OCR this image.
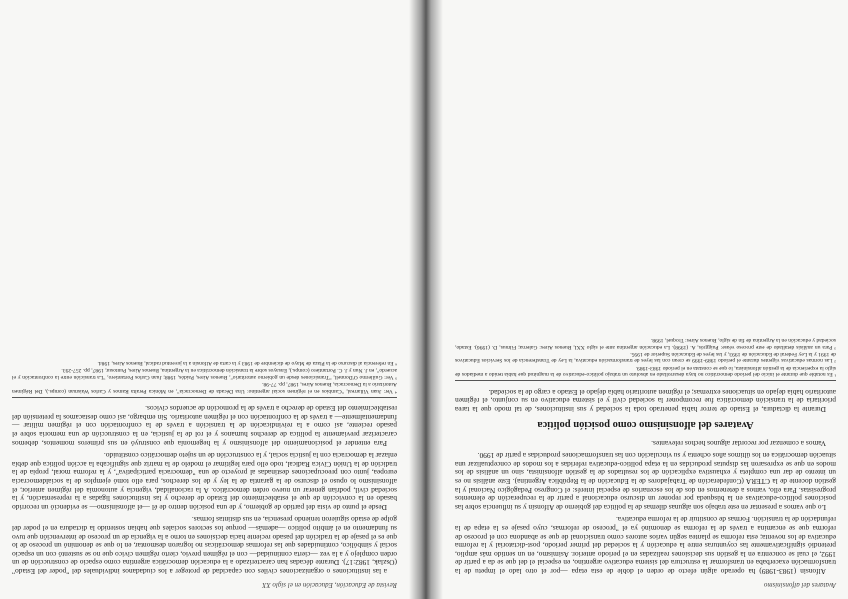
Avatares del alfonsinismo

Alfonsín (1983-1989) ha operado algún efecto de orden el doble de esta etapa —por el otro lado el ímpetu de la transformación exacerbaba en transformar la estructura del sistema educativo argentino, en especial el del que se da a partir de 1992, el cual se concentra en la gestión sus decisiones realizadas en el periodo anterior. Asimismo, en un sentido más amplio, pretendió significativamente las coyunturas entre la educación y la sociedad del primer periodo, post-dictatorial y la reforma educativa de los noventa; esta reforma se plantea según varios autores como transicional de que se abandona con el proceso de reforma que se encamina a través de la reforma se denominó ya el "proceso de reformas, cuyo pasaje es la etapa de la refundación de la transición. Formas de constituir de la reforma educativa.

Lo que vamos a presentar en este trabajo son algunas dilemas de la política del gobierno de Alfonsín y su influencia sobre las posiciones político-educativas en la búsqueda por reponer un discurso educacional a partir de la recuperación de elementos progresistas. Para ello, vamos a detenernos en dos de los escenarios de especial interés: el Congreso Pedagógico Nacional y la gestión docente de la CTERA (Confederación de Trabajadores de la Educación de la República Argentina). Este análisis no es un intento de dar una completa y exhaustiva explicación de los resultados de la gestión alfonsinista, sino un análisis de los modos en que se expresaron las disputas producidas en la etapa político-educativa referidas a los modos de conceptualizar una situación democrática en los últimos años ochenta y su vinculación con las transformaciones producidas a partir de 1990.

Vamos a comenzar por recordar algunos hechos relevantes.

Avatares del alfonsinismo como posición política

Durante la dictadura, el Estado de terror había penetrado toda la sociedad y sus instituciones, de tal modo que la tarea prioritaria de la transición democrática fue recomponer la sociedad civil y el sistema educativo en su conjunto, el régimen autoritario había dejado en situaciones extremas; el régimen autoritario había dejado el Estado a cargo de la sociedad.

¹ Es notable que durante el inicio del período democrático no haya desarrollado en absoluto un trabajo político-educativo de la magnitud que había tenido a mediados de siglo la experiencia de la gestión alfonsinista, lo que se constata en el período 1983-1989.

² Las normas educativas vigentes durante el período 1989-1999 se crean con las leyes de transformación educativa, la Ley de Transferencia de los Servicios Educativos de 1991 y la Ley Federal de Educación de 1993, y las leyes de Educación Superior de 1995.

³ Para un análisis detallado de este proceso véase: Puiggrós, A. (1998). La educación argentina ante el siglo XXI, Buenos Aires: Galerna; Filmus, D. (1996). Estado, sociedad y educación en la Argentina de fin de siglo, Buenos Aires: Troquel, 1998.

Revista de Educación, Educación en el siglo XX

a las instituciones o organizaciones civiles con capacidad de proteger a los ciudadanos individuales del "poder del Estado" (Oszlak, 1982:17). Durante décadas han caracterizado a la educación democrática argentina como espacio de construcción de un orden complejo y a la vez —cierta continuidad— con el régimen previo, cierto régimen cívico que no se sustentó con un espacio social y simbólico, continuidades que las reformas democráticas no lograron desmontar, en lo que se denominó un proceso de lo que es el pasaje de la tradición del pasado reciente hacia decisiones en torno a la vigencia de un proceso de intervención que tuvo su fundamento en el ámbito político —además— porque los sectores sociales que habían sostenido la dictadura en el poder del golpe de estado siguieron teniendo presencia, en sus distintas formas.

Desde el punto de vista del partido de gobierno, y de una posición dentro de él —el alfonsinismo— se evidenció un recorrido basado en la convicción de que el establecimiento del Estado de derecho y las instituciones ligadas a la representación, y la sociedad civil, podrían generar un nuevo orden democrático. A la racionalidad, vigencia y autonomía del régimen anterior, el alfonsinismo lo opuso el discurso de la garantía de la ley y de los derechos, para ello tomó ejemplos de la socialdemocracia europea, junto con preocupaciones destinadas al proyecto de una "democracia participativa", y la reforma moral, propia de la tradición de la Unión Cívica Radical, todo ello para legitimar el modelo de la matriz que significaba la acción política que debía enlazar la democracia con la justicia social, y la construcción de un sujeto democrático constituido.

Para entender el posicionamiento del alfonsinismo y la hegemonía que construyó en sus primeros momentos, debemos caracterizar previamente la política de derechos humanos y el rol de la justicia, en la construcción de una memoria sobre el pasado reciente, así como a la reivindicación de la transición a través de la confrontación con el régimen militar —fundamentalmente— a través de la confrontación con el régimen autoritario. Sin embargo, así como destacamos la pretensión del restablecimiento del Estado de derecho a través de la promoción de acuerdos cívicos.

⁴ Ver: Juan Villarreal, "Cambios en el régimen social argentino: Una Década de Democracia", en Mónica Peralta Ramos y Carlos Waisman (comps.), Del Régimen Autoritario a la Democracia, Buenos Aires, 1987, pp. 77-98.

⁵ Ver: Guillermo O'Donnell, "Transiciones desde un gobierno autoritario", Buenos Aires, Paidós, 1988; Juan Carlos Portantiero, "La transición entre la confrontación y el acuerdo", en J. Nun y J. C. Portantiero (comps.), Ensayos sobre la transición democrática en la Argentina, Buenos Aires, Puntosur, 1987, pp. 257-293.

⁶ En referencia al discurso de la Plaza de Mayo de diciembre de 1983 y la carta de Alfonsín a la juventud radical, Buenos Aires, 1984.
